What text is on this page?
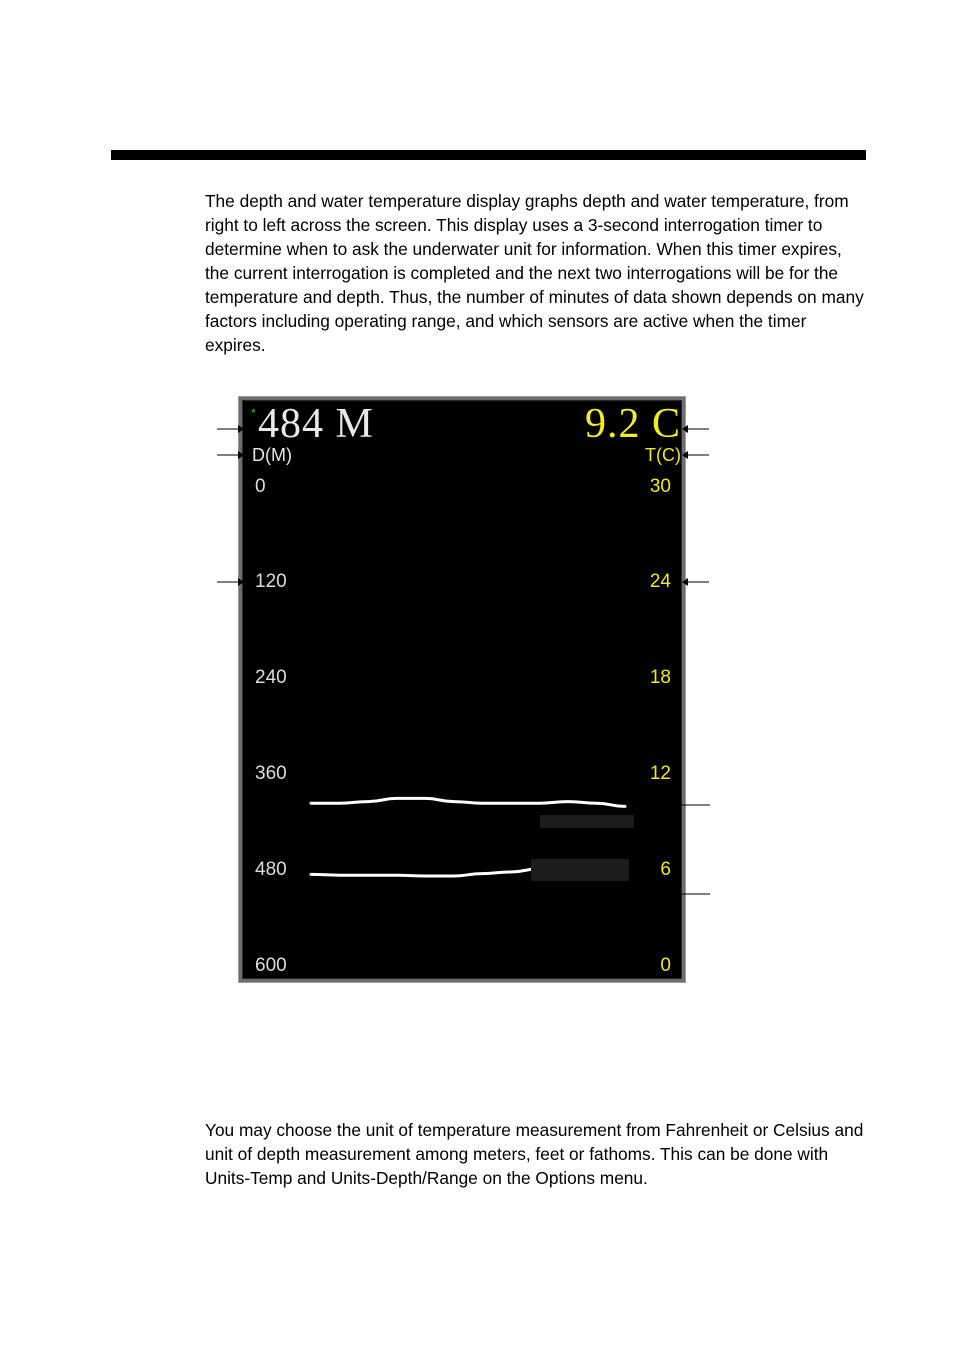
The depth and water temperature display graphs depth and water temperature, from right to left across the screen. This display uses a 3-second interrogation timer to determine when to ask the underwater unit for information. When this timer expires, the current interrogation is completed and the next two interrogations will be for the temperature and depth. Thus, the number of minutes of data shown depends on many factors including operating range, and which sensors are active when the timer expires.

* 484 M	9.2 C
D(M)	T(C)
0
120
240
360
480
600
30
24
18
12
6
0

You may choose the unit of temperature measurement from Fahrenheit or Celsius and unit of depth measurement among meters, feet or fathoms. This can be done with Units-Temp and Units-Depth/Range on the Options menu.
